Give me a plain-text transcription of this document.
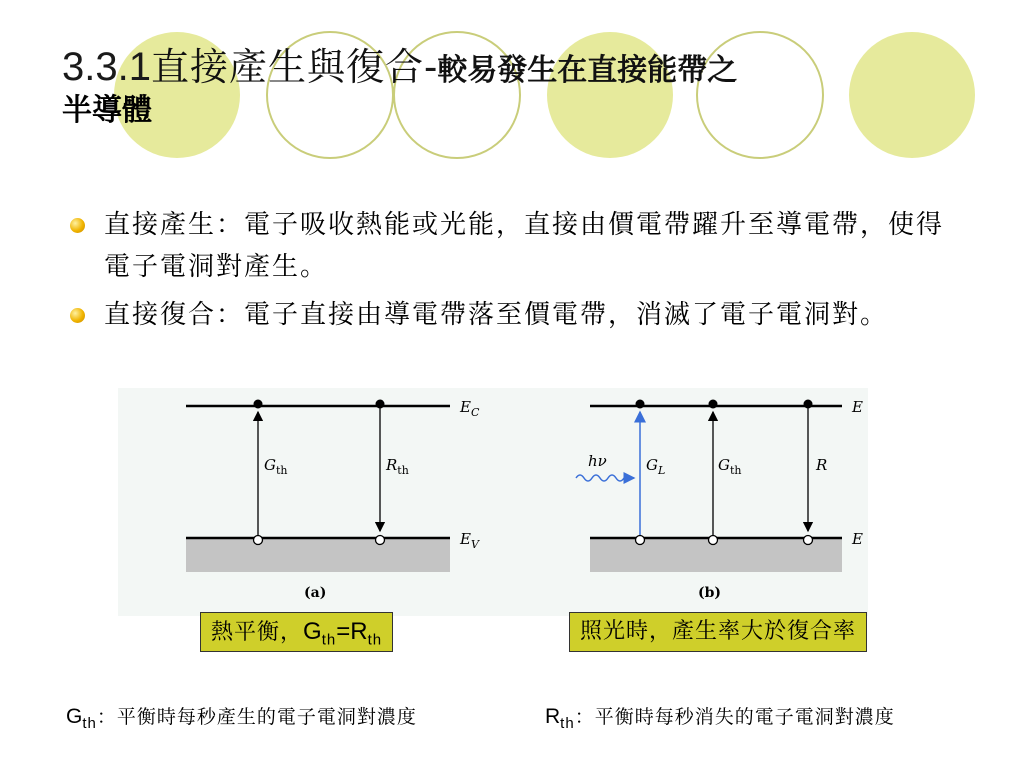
3.3.1直接產生與復合-較易發生在直接能帶之
半導體
直接產生：電子吸收熱能或光能，直接由價電帶躍升至導電帶，使得電子電洞對產生。
直接復合：電子直接由導電帶落至價電帶，消滅了電子電洞對。
$G_{th}$	$R_{th}$
$E_C$
$E_V$
(a)
hν	$G_L$	$G_{th}$	R
E
E
(b)
熱平衡，$G_{th}=R_{th}$	照光時，產生率大於復合率
$G_{th}$：平衡時每秒產生的電子電洞對濃度	$R_{th}$：平衡時每秒消失的電子電洞對濃度
